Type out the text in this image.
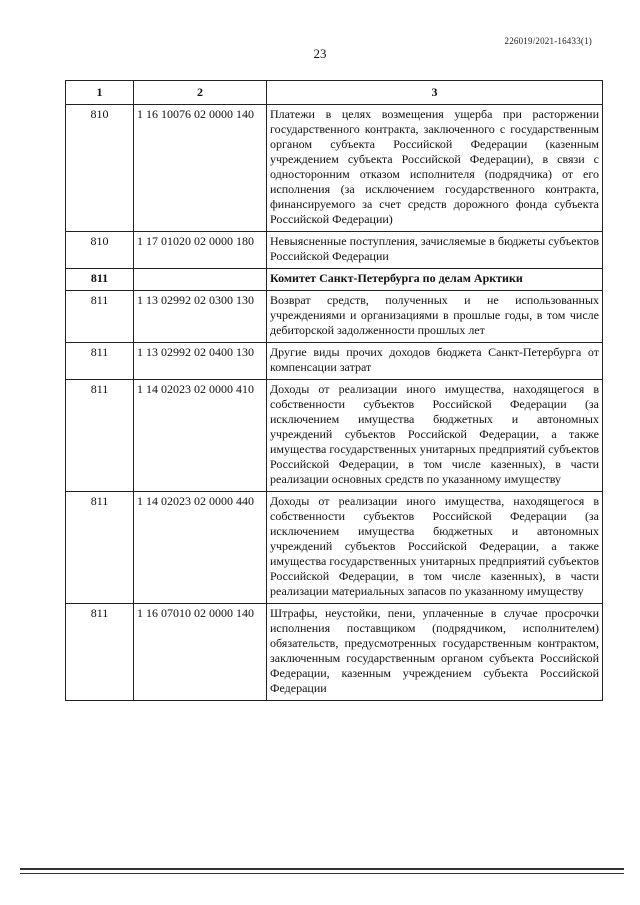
226019/2021-16433(1)
23
1	2	3
810	1 16 10076 02 0000 140	Платежи в целях возмещения ущерба при расторжении государственного контракта, заключенного с государственным органом субъекта Российской Федерации (казенным учреждением субъекта Российской Федерации), в связи с односторонним отказом исполнителя (подрядчика) от его исполнения (за исключением государственного контракта, финансируемого за счет средств дорожного фонда субъекта Российской Федерации)
810	1 17 01020 02 0000 180	Невыясненные поступления, зачисляемые в бюджеты субъектов Российской Федерации
811		Комитет Санкт-Петербурга по делам Арктики
811	1 13 02992 02 0300 130	Возврат средств, полученных и не использованных учреждениями и организациями в прошлые годы, в том числе дебиторской задолженности прошлых лет
811	1 13 02992 02 0400 130	Другие виды прочих доходов бюджета Санкт-Петербурга от компенсации затрат
811	1 14 02023 02 0000 410	Доходы от реализации иного имущества, находящегося в собственности субъектов Российской Федерации (за исключением имущества бюджетных и автономных учреждений субъектов Российской Федерации, а также имущества государственных унитарных предприятий субъектов Российской Федерации, в том числе казенных), в части реализации основных средств по указанному имуществу
811	1 14 02023 02 0000 440	Доходы от реализации иного имущества, находящегося в собственности субъектов Российской Федерации (за исключением имущества бюджетных и автономных учреждений субъектов Российской Федерации, а также имущества государственных унитарных предприятий субъектов Российской Федерации, в том числе казенных), в части реализации материальных запасов по указанному имуществу
811	1 16 07010 02 0000 140	Штрафы, неустойки, пени, уплаченные в случае просрочки исполнения поставщиком (подрядчиком, исполнителем) обязательств, предусмотренных государственным контрактом, заключенным государственным органом субъекта Российской Федерации, казенным учреждением субъекта Российской Федерации
